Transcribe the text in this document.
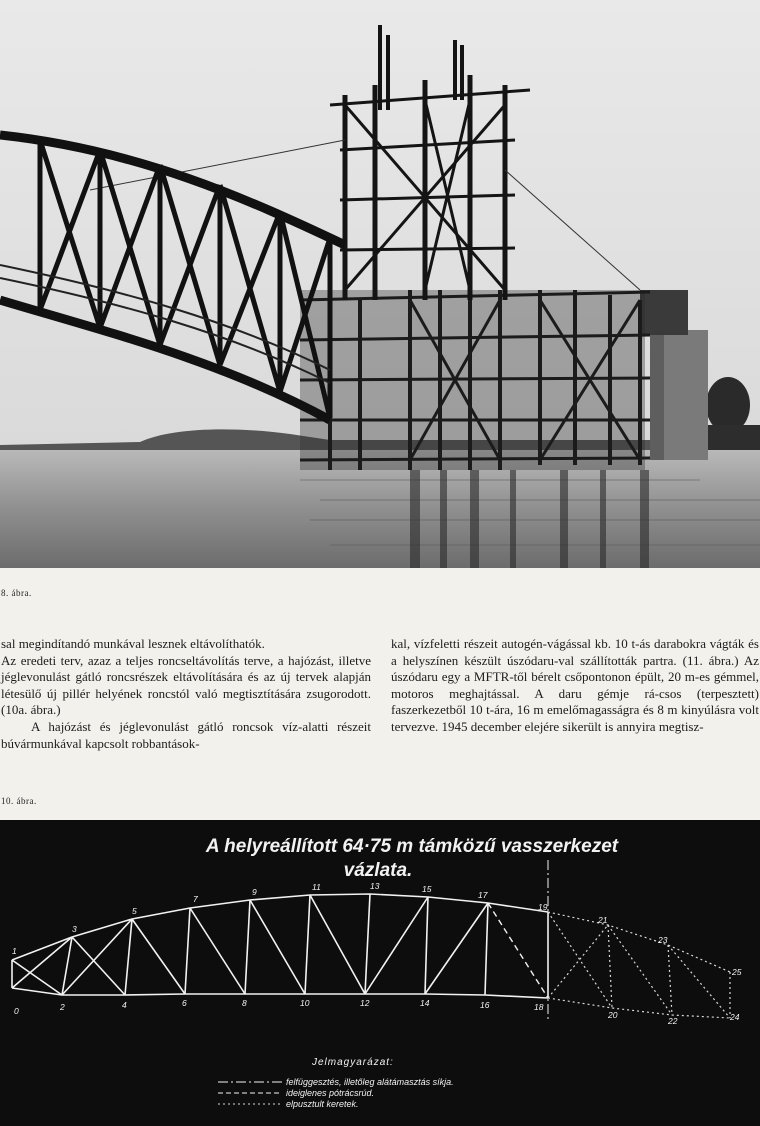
8. ábra.

sal megindítandó munkával lesznek eltávolíthatók.

Az eredeti terv, azaz a teljes roncseltávolítás terve, a hajózást, illetve jéglevonulást gátló roncsrészek eltávolítására és az új tervek alapján létesülő új pillér helyének roncstól való megtisztítására zsugorodott. (10a. ábra.)

A hajózást és jéglevonulást gátló roncsok víz-alatti részeit búvármunkával kapcsolt robbantások-

kal, vízfeletti részeit autogén-vágással kb. 10 t-ás darabokra vágták és a helyszínen készült úszódaru-val szállították partra. (11. ábra.) Az úszódaru egy a MFTR-től bérelt csőpontonon épült, 20 m-es gémmel, motoros meghajtással. A daru gémje rá-csos (terpesztett) faszerkezetből 10 t-ára, 16 m emelőmagasságra és 8 m kinyúlásra volt tervezve. 1945 december elejére sikerült is annyira megtisz-

10. ábra.
A helyreállított 64·75 m támközű vasszerkezet
vázlata.
1
3
5
7
9	11	13	15
17
19
21
23
25
0	2	4	6	8	10	12	14	16	18
20
22	24
Jelmagyarázat:
felfüggesztés, illetőleg alátámasztás síkja.
ideiglenes pótrácsrúd.
elpusztult keretek.
